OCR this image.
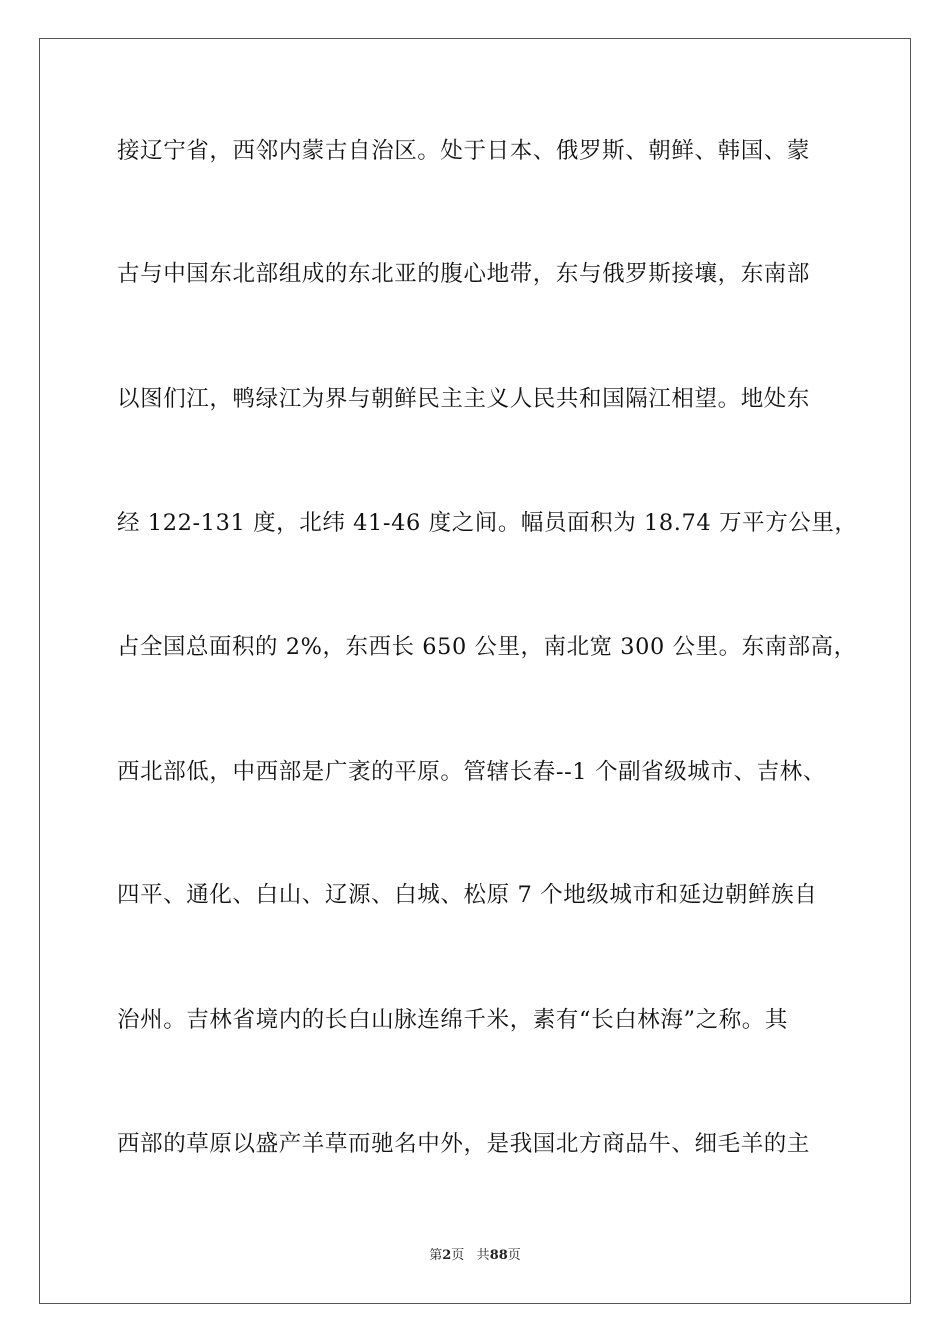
接辽宁省，西邻内蒙古自治区。处于日本、俄罗斯、朝鲜、韩国、蒙
古与中国东北部组成的东北亚的腹心地带，东与俄罗斯接壤，东南部
以图们江，鸭绿江为界与朝鲜民主主义人民共和国隔江相望。地处东
经 122-131 度，北纬 41-46 度之间。幅员面积为 18.74 万平方公里，
占全国总面积的 2%，东西长 650 公里，南北宽 300 公里。东南部高，
西北部低，中西部是广袤的平原。管辖长春--1 个副省级城市、吉林、
四平、通化、白山、辽源、白城、松原 7 个地级城市和延边朝鲜族自
治州。吉林省境内的长白山脉连绵千米，素有“长白林海”之称。其
西部的草原以盛产羊草而驰名中外，是我国北方商品牛、细毛羊的主
第2页 共88页
